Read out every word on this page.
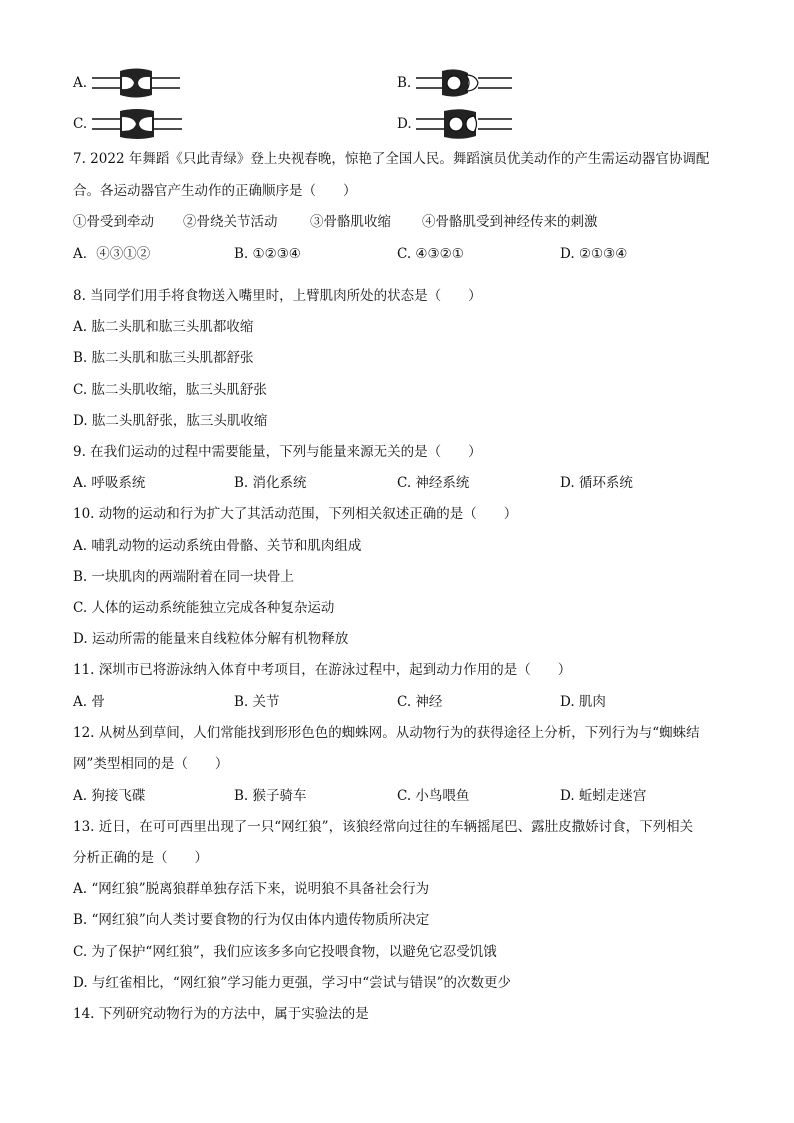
A.	B.
C.	D.
7. 2022 年舞蹈《只此青绿》登上央视春晚，惊艳了全国人民。舞蹈演员优美动作的产生需运动器官协调配
合。各运动器官产生动作的正确顺序是（　　）
①骨受到牵动 ②骨绕关节活动 ③骨骼肌收缩 ④骨骼肌受到神经传来的刺激
A．④③①②	B. ①②③④	C. ④③②①	D. ②①③④
8. 当同学们用手将食物送入嘴里时，上臂肌肉所处的状态是（　　）
A. 肱二头肌和肱三头肌都收缩
B. 肱二头肌和肱三头肌都舒张
C. 肱二头肌收缩，肱三头肌舒张
D. 肱二头肌舒张，肱三头肌收缩
9. 在我们运动的过程中需要能量，下列与能量来源无关的是（　　）
A. 呼吸系统	B. 消化系统	C. 神经系统	D. 循环系统
10. 动物的运动和行为扩大了其活动范围，下列相关叙述正确的是（　　）
A. 哺乳动物的运动系统由骨骼、关节和肌肉组成
B. 一块肌肉的两端附着在同一块骨上
C. 人体的运动系统能独立完成各种复杂运动
D. 运动所需的能量来自线粒体分解有机物释放
11. 深圳市已将游泳纳入体育中考项目，在游泳过程中，起到动力作用的是（　　）
A. 骨	B. 关节	C. 神经	D. 肌肉
12. 从树丛到草间，人们常能找到形形色色的蜘蛛网。从动物行为的获得途径上分析，下列行为与“蜘蛛结
网”类型相同的是（　　）
A. 狗接飞碟	B. 猴子骑车	C. 小鸟喂鱼	D. 蚯蚓走迷宫
13. 近日，在可可西里出现了一只“网红狼”，该狼经常向过往的车辆摇尾巴、露肚皮撒娇讨食，下列相关
分析正确的是（　　）
A. “网红狼”脱离狼群单独存活下来，说明狼不具备社会行为
B. “网红狼”向人类讨要食物的行为仅由体内遗传物质所决定
C. 为了保护“网红狼”，我们应该多多向它投喂食物，以避免它忍受饥饿
D. 与红雀相比，“网红狼”学习能力更强，学习中“尝试与错误”的次数更少
14. 下列研究动物行为的方法中，属于实验法的是
